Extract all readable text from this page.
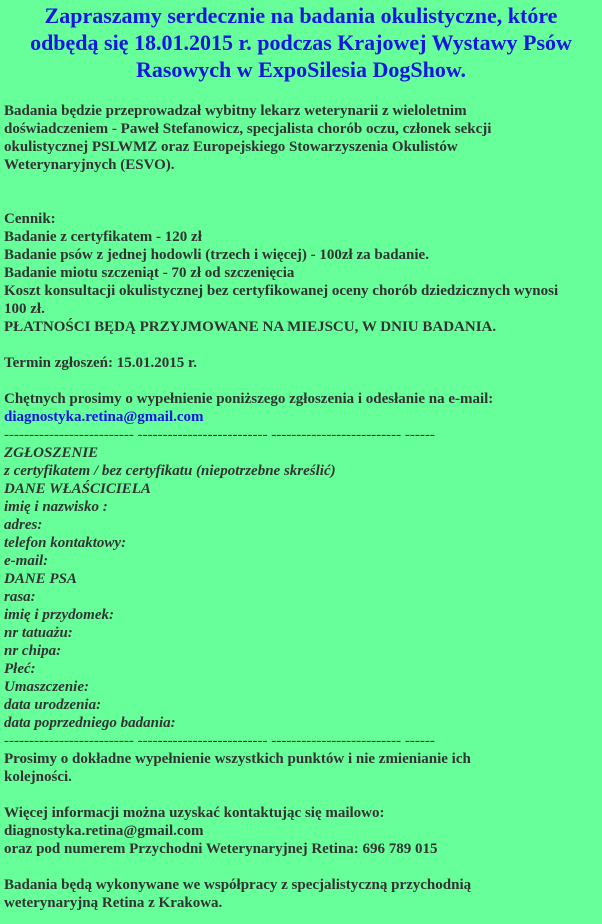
Zapraszamy serdecznie na badania okulistyczne, które
odbędą się 18.01.2015 r. podczas Krajowej Wystawy Psów
Rasowych w ExpoSilesia DogShow.
Badania będzie przeprowadzał wybitny lekarz weterynarii z wieloletnim
doświadczeniem - Paweł Stefanowicz, specjalista chorób oczu, członek sekcji
okulistycznej PSLWMZ oraz Europejskiego Stowarzyszenia Okulistów
Weterynaryjnych (ESVO).
Cennik:
Badanie z certyfikatem - 120 zł
Badanie psów z jednej hodowli (trzech i więcej) - 100zł za badanie.
Badanie miotu szczeniąt - 70 zł od szczenięcia
Koszt konsultacji okulistycznej bez certyfikowanej oceny chorób dziedzicznych wynosi
100 zł.
PŁATNOŚCI BĘDĄ PRZYJMOWANE NA MIEJSCU, W DNIU BADANIA.

Termin zgłoszeń: 15.01.2015 r.

Chętnych prosimy o wypełnienie poniższego zgłoszenia i odesłanie na e-mail:
diagnostyka.retina@gmail.com
-------------------------- -------------------------- -------------------------- ------
ZGŁOSZENIE
z certyfikatem / bez certyfikatu (niepotrzebne skreślić)
DANE WŁAŚCICIELA
imię i nazwisko :
adres:
telefon kontaktowy:
e-mail:
DANE PSA
rasa:
imię i przydomek:
nr tatuażu:
nr chipa:
Płeć:
Umaszczenie:
data urodzenia:
data poprzedniego badania:
-------------------------- -------------------------- -------------------------- ------
Prosimy o dokładne wypełnienie wszystkich punktów i nie zmienianie ich
kolejności.
Więcej informacji można uzyskać kontaktując się mailowo:
diagnostyka.retina@gmail.com
oraz pod numerem Przychodni Weterynaryjnej Retina: 696 789 015
Badania będą wykonywane we współpracy z specjalistyczną przychodnią
weterynaryjną Retina z Krakowa.
